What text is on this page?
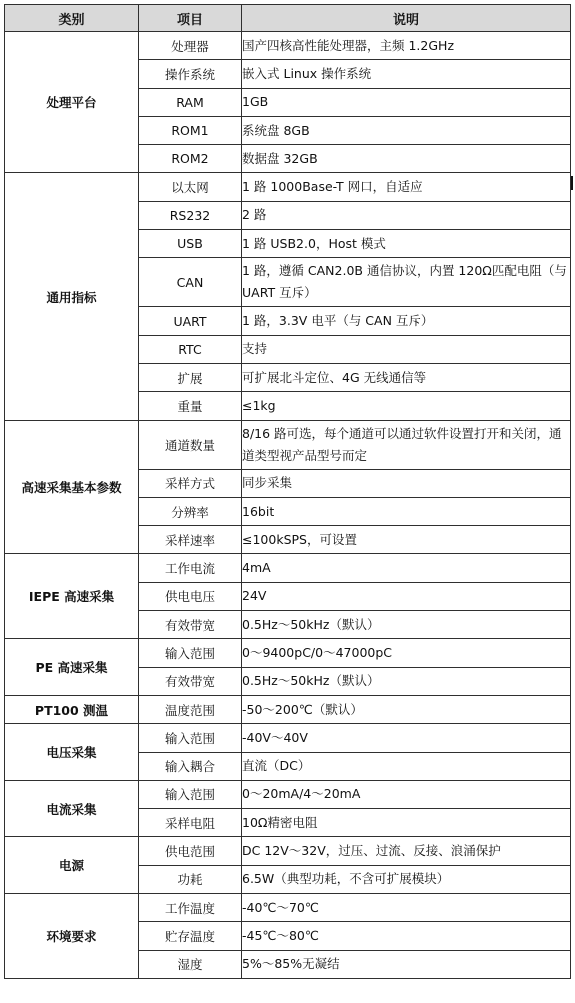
类别	项目	说明
处理平台	处理器	国产四核高性能处理器，主频 1.2GHz
	操作系统	嵌入式 Linux 操作系统
	RAM	1GB
	ROM1	系统盘 8GB
	ROM2	数据盘 32GB
通用指标	以太网	1 路 1000Base-T 网口，自适应
	RS232	2 路
	USB	1 路 USB2.0，Host 模式
	CAN	1 路，遵循 CAN2.0B 通信协议，内置 120Ω匹配电阻（与 UART 互斥）
	UART	1 路，3.3V 电平（与 CAN 互斥）
	RTC	支持
	扩展	可扩展北斗定位、4G 无线通信等
	重量	≤1kg
高速采集基本参数	通道数量	8/16 路可选，每个通道可以通过软件设置打开和关闭，通道类型视产品型号而定
	采样方式	同步采集
	分辨率	16bit
	采样速率	≤100kSPS，可设置
IEPE 高速采集	工作电流	4mA
	供电电压	24V
	有效带宽	0.5Hz～50kHz（默认）
PE 高速采集	输入范围	0～9400pC/0～47000pC
	有效带宽	0.5Hz～50kHz（默认）
PT100 测温	温度范围	-50～200℃（默认）
电压采集	输入范围	-40V～40V
	输入耦合	直流（DC）
电流采集	输入范围	0～20mA/4～20mA
	采样电阻	10Ω精密电阻
电源	供电范围	DC 12V～32V，过压、过流、反接、浪涌保护
	功耗	6.5W（典型功耗，不含可扩展模块）
环境要求	工作温度	-40℃～70℃
	贮存温度	-45℃～80℃
	湿度	5%～85%无凝结
